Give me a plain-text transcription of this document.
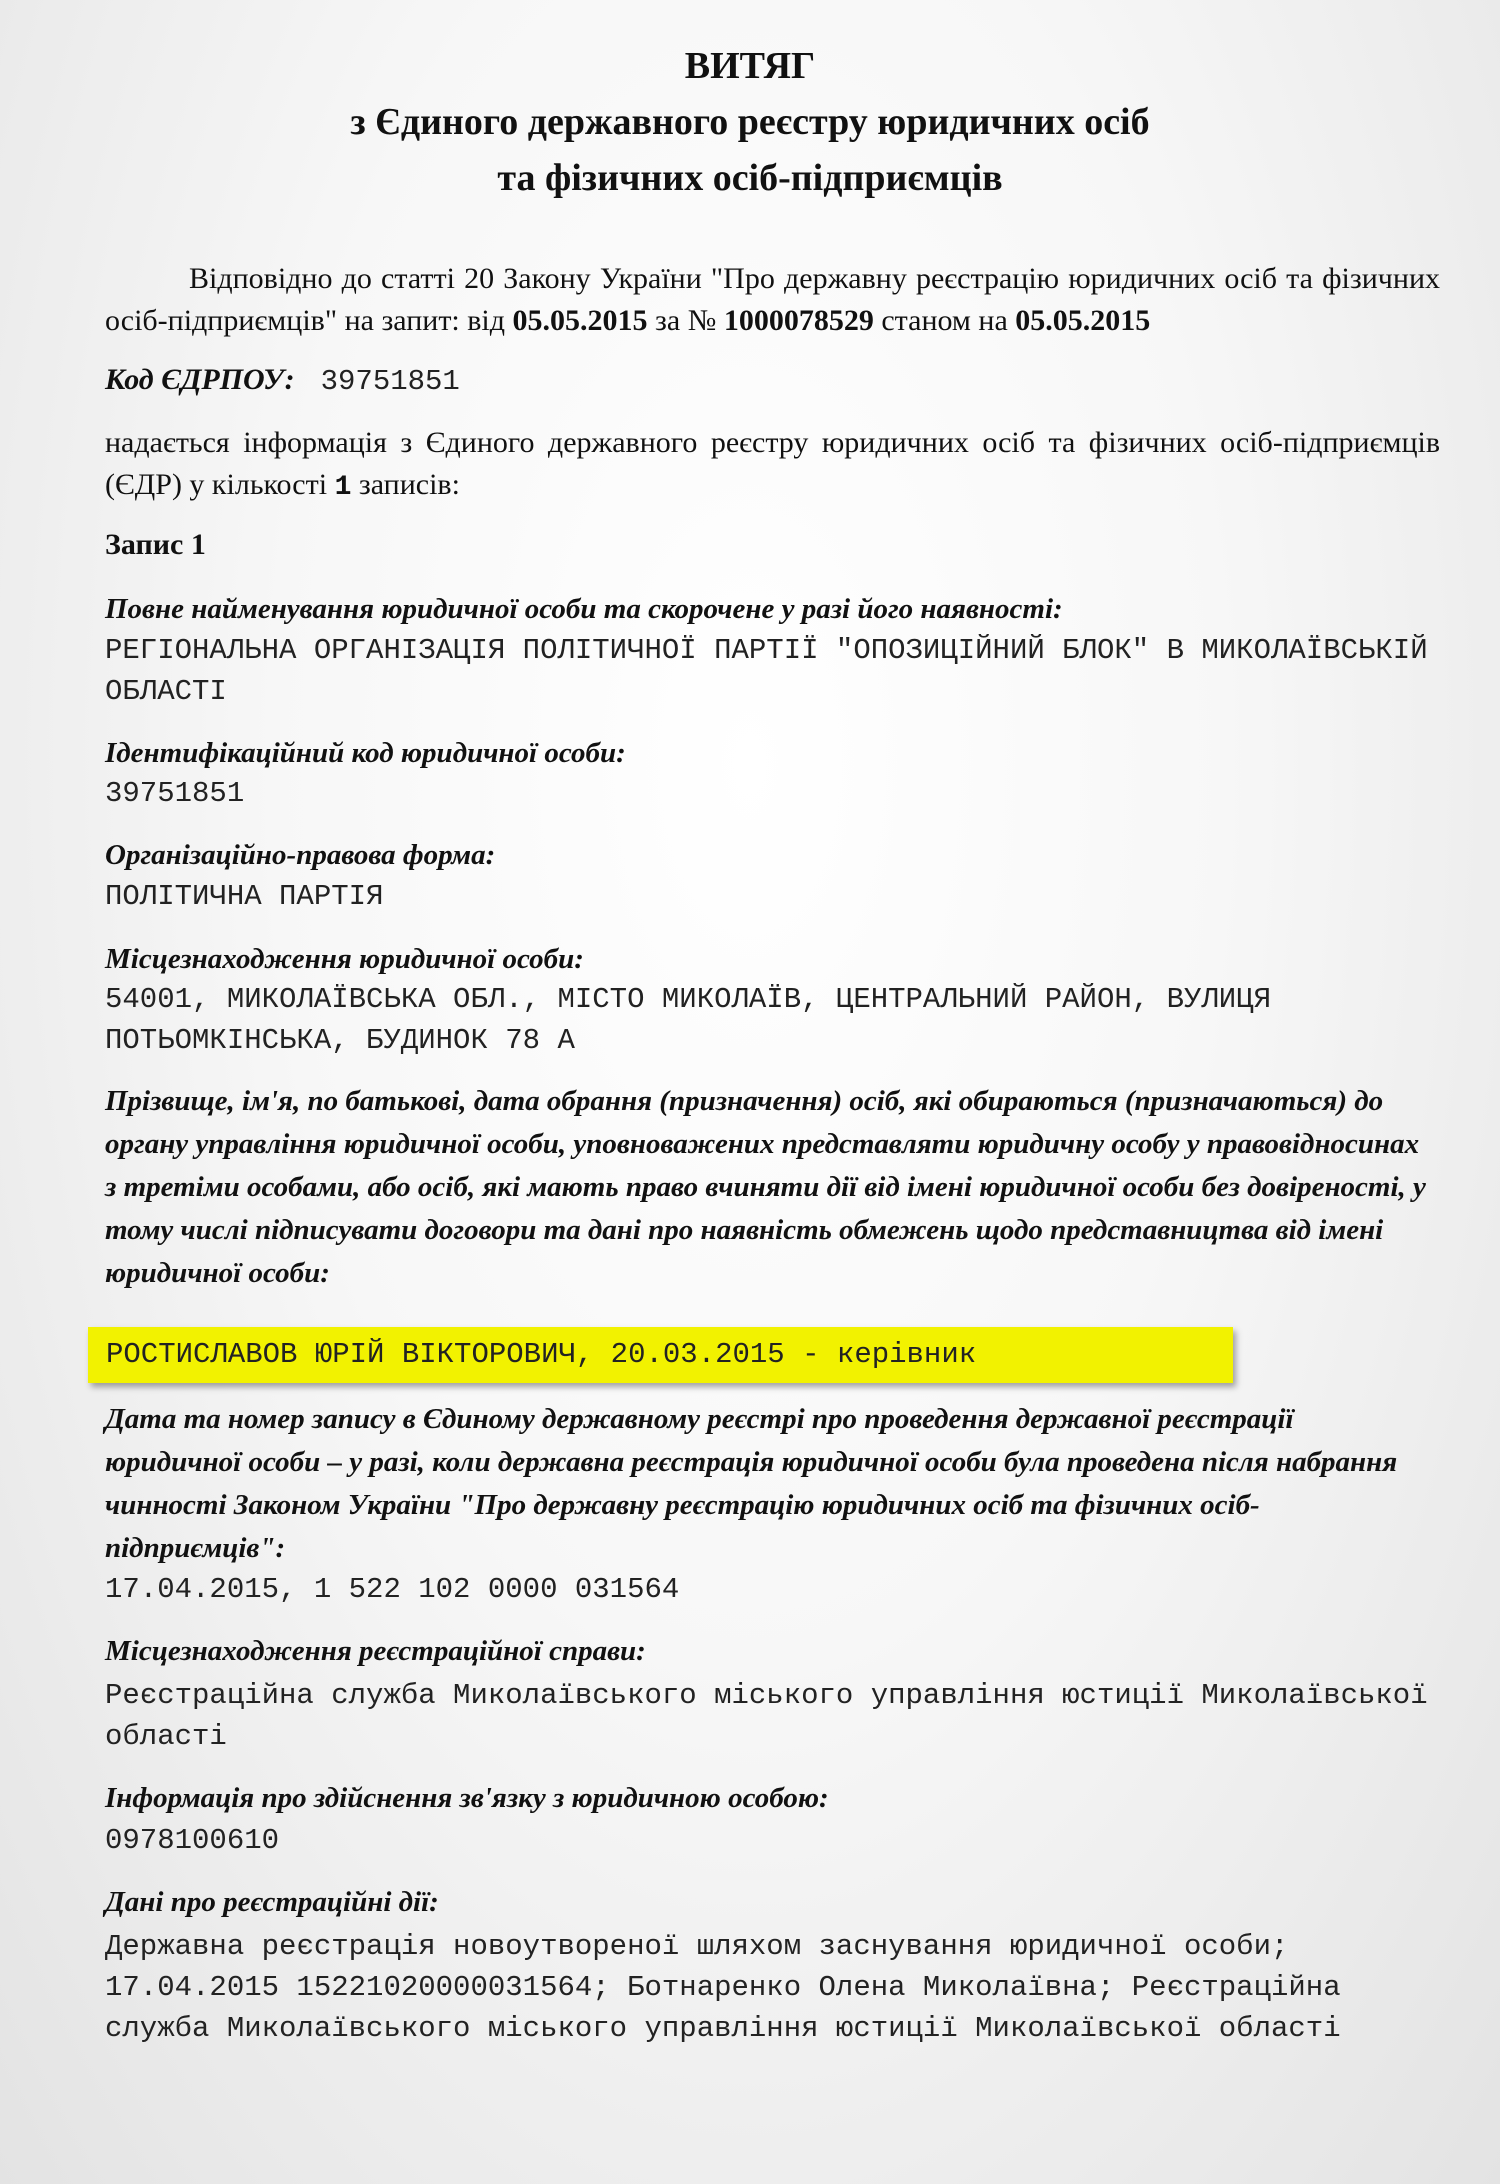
ВИТЯГ
з Єдиного державного реєстру юридичних осіб
та фізичних осіб-підприємців
Відповідно до статті 20 Закону України "Про державну реєстрацію юридичних осіб та фізичних осіб-підприємців" на запит: від 05.05.2015 за № 1000078529 станом на 05.05.2015
Код ЄДРПОУ: 39751851
надається інформація з Єдиного державного реєстру юридичних осіб та фізичних осіб-підприємців (ЄДР) у кількості 1 записів:
Запис 1
Повне найменування юридичної особи та скорочене у разі його наявності:
РЕГІОНАЛЬНА ОРГАНІЗАЦІЯ ПОЛІТИЧНОЇ ПАРТІЇ "ОПОЗИЦІЙНИЙ БЛОК" В МИКОЛАЇВСЬКІЙ ОБЛАСТІ
Ідентифікаційний код юридичної особи:
39751851
Організаційно-правова форма:
ПОЛІТИЧНА ПАРТІЯ
Місцезнаходження юридичної особи:
54001, МИКОЛАЇВСЬКА ОБЛ., МІСТО МИКОЛАЇВ, ЦЕНТРАЛЬНИЙ РАЙОН, ВУЛИЦЯ ПОТЬОМКІНСЬКА, БУДИНОК 78 А
Прізвище, ім'я, по батькові, дата обрання (призначення) осіб, які обираються (призначаються) до органу управління юридичної особи, уповноважених представляти юридичну особу у правовідносинах з третіми особами, або осіб, які мають право вчиняти дії від імені юридичної особи без довіреності, у тому числі підписувати договори та дані про наявність обмежень щодо представництва від імені юридичної особи:
РОСТИСЛАВОВ ЮРІЙ ВІКТОРОВИЧ, 20.03.2015 - керівник
Дата та номер запису в Єдиному державному реєстрі про проведення державної реєстрації юридичної особи – у разі, коли державна реєстрація юридичної особи була проведена після набрання чинності Законом України "Про державну реєстрацію юридичних осіб та фізичних осіб-підприємців":
17.04.2015, 1 522 102 0000 031564
Місцезнаходження реєстраційної справи:
Реєстраційна служба Миколаївського міського управління юстиції Миколаївської області
Інформація про здійснення зв'язку з юридичною особою:
0978100610
Дані про реєстраційні дії:
Державна реєстрація новоутвореної шляхом заснування юридичної особи; 17.04.2015 15221020000031564; Ботнаренко Олена Миколаївна; Реєстраційна служба Миколаївського міського управління юстиції Миколаївської області
